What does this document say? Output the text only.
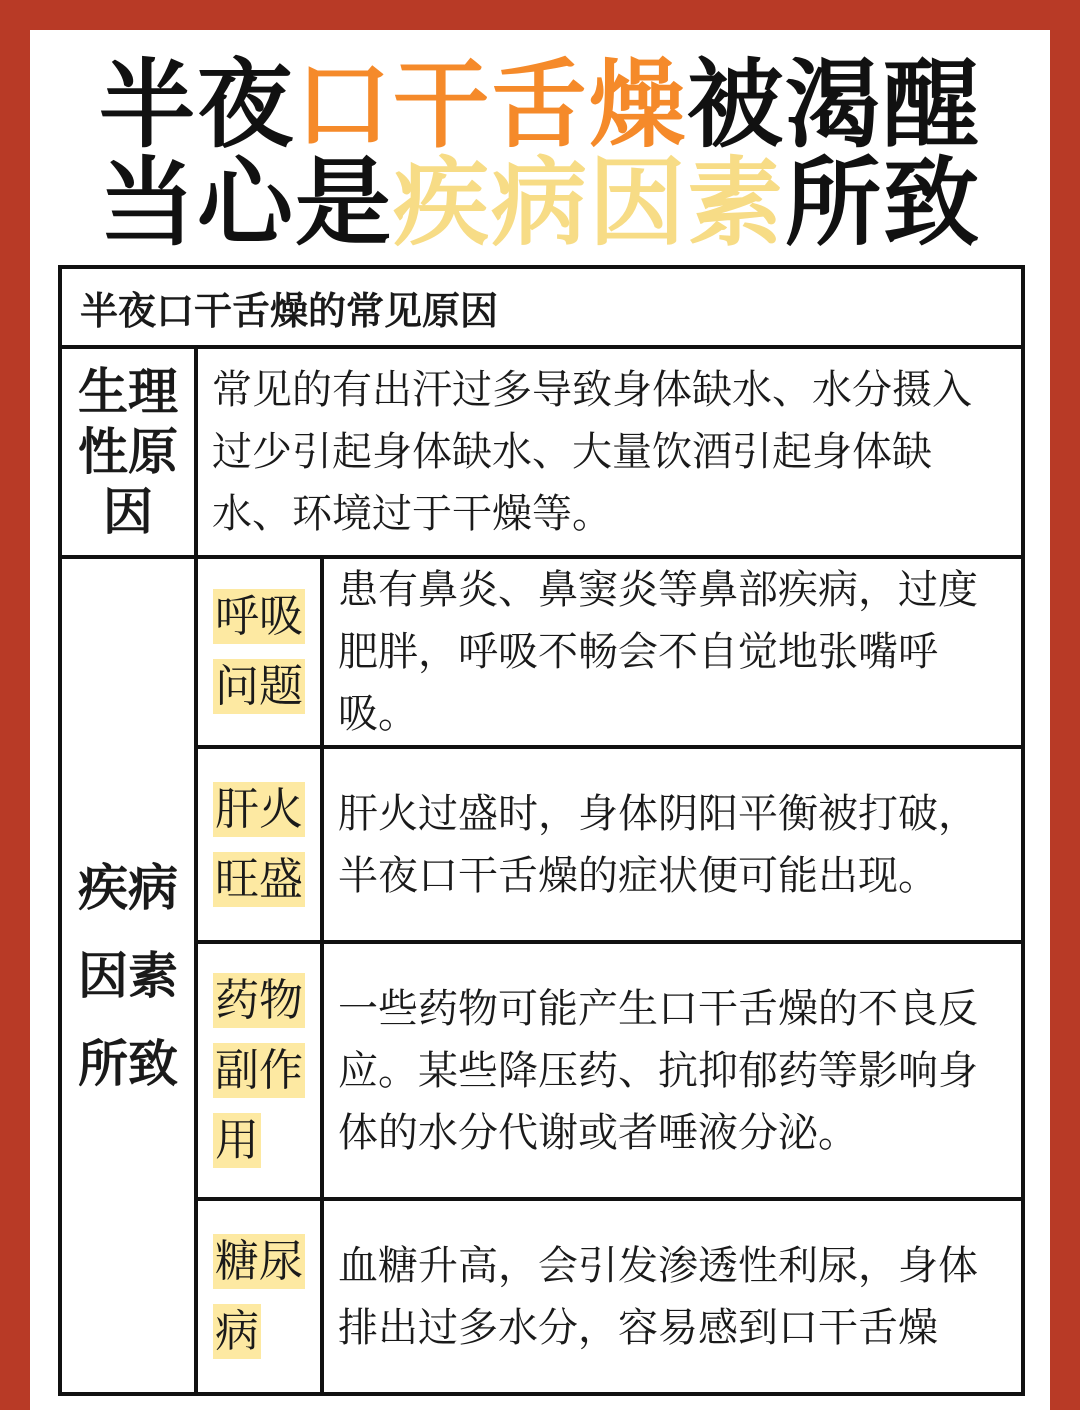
半夜口干舌燥被渴醒
当心是疾病因素所致
半夜口干舌燥的常见原因		
生理性原因	常见的有出汗过多导致身体缺水、水分摄入过少引起身体缺水、大量饮酒引起身体缺水、环境过于干燥等。	
疾病因素所致	呼吸问题	患有鼻炎、鼻窦炎等鼻部疾病，过度肥胖，呼吸不畅会不自觉地张嘴呼吸。
	肝火旺盛	肝火过盛时，身体阴阳平衡被打破，半夜口干舌燥的症状便可能出现。
	药物副作用	一些药物可能产生口干舌燥的不良反应。某些降压药、抗抑郁药等影响身体的水分代谢或者唾液分泌。
	糖尿病	血糖升高，会引发渗透性利尿，身体排出过多水分，容易感到口干舌燥
